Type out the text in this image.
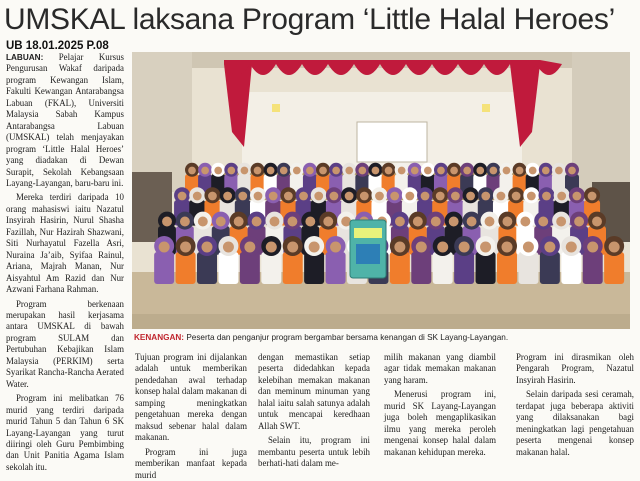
UMSKAL laksana Program ‘Little Halal Heroes’
UB 18.01.2025 P.08

LABUAN: Pelajar Kursus Pengurusan Wakaf daripada program Kewangan Islam, Fakulti Kewangan Antarabangsa Labuan (FKAL), Universiti Malaysia Sabah Kampus Antarabangsa Labuan (UMSKAL) telah menjayakan program ‘Little Halal Heroes’ yang diadakan di Dewan Surapit, Sekolah Kebangsaan Layang-Layangan, baru-baru ini.

Mereka terdiri daripada 10 orang mahasiswi iaitu Nazatul Insyirah Hasirin, Nurul Shasha Fazillah, Nur Hazirah Shazwani, Siti Nurhayatul Fazella Asri, Nuraina Ja’aib, Syifaa Rainul, Ariana, Majrah Manan, Nur Aisyahtul Am Razid dan Nur Azwani Farhana Rahman.

Program berkenaan merupakan hasil kerjasama antara UMSKAL di bawah program SULAM dan Pertubuhan Kebajikan Islam Malaysia (PERKIM) serta Syarikat Rancha-Rancha Aerated Water.

Program ini melibatkan 76 murid yang terdiri daripada murid Tahun 5 dan Tahun 6 SK Layang-Layangan yang turut diiringi oleh Guru Pembimbing dan Unit Panitia Agama Islam sekolah itu.

KENANGAN: Peserta dan penganjur program bergambar bersama kenangan di SK Layang-Layangan.

Tujuan program ini dijalankan adalah untuk memberikan pendedahan awal terhadap konsep halal dalam makanan di samping meningkatkan pengetahuan mereka dengan maksud sebenar halal dalam makanan.

Program ini juga memberikan manfaat kepada murid

dengan memastikan setiap peserta didedahkan kepada kelebihan memakan makanan dan meminum minuman yang halal iaitu salah satunya adalah untuk mencapai keredhaan Allah SWT.

Selain itu, program ini membantu peserta untuk lebih berhati-hati dalam me-

milih makanan yang diambil agar tidak memakan makanan yang haram.

Menerusi program ini, murid SK Layang-Layangan juga boleh mengaplikasikan ilmu yang mereka peroleh mengenai konsep halal dalam makanan kehidupan mereka.

Program ini dirasmikan oleh Pengarah Program, Nazatul Insyirah Hasirin.

Selain daripada sesi ceramah, terdapat juga beberapa aktiviti yang dilaksanakan bagi meningkatkan lagi pengetahuan peserta mengenai konsep makanan halal.
